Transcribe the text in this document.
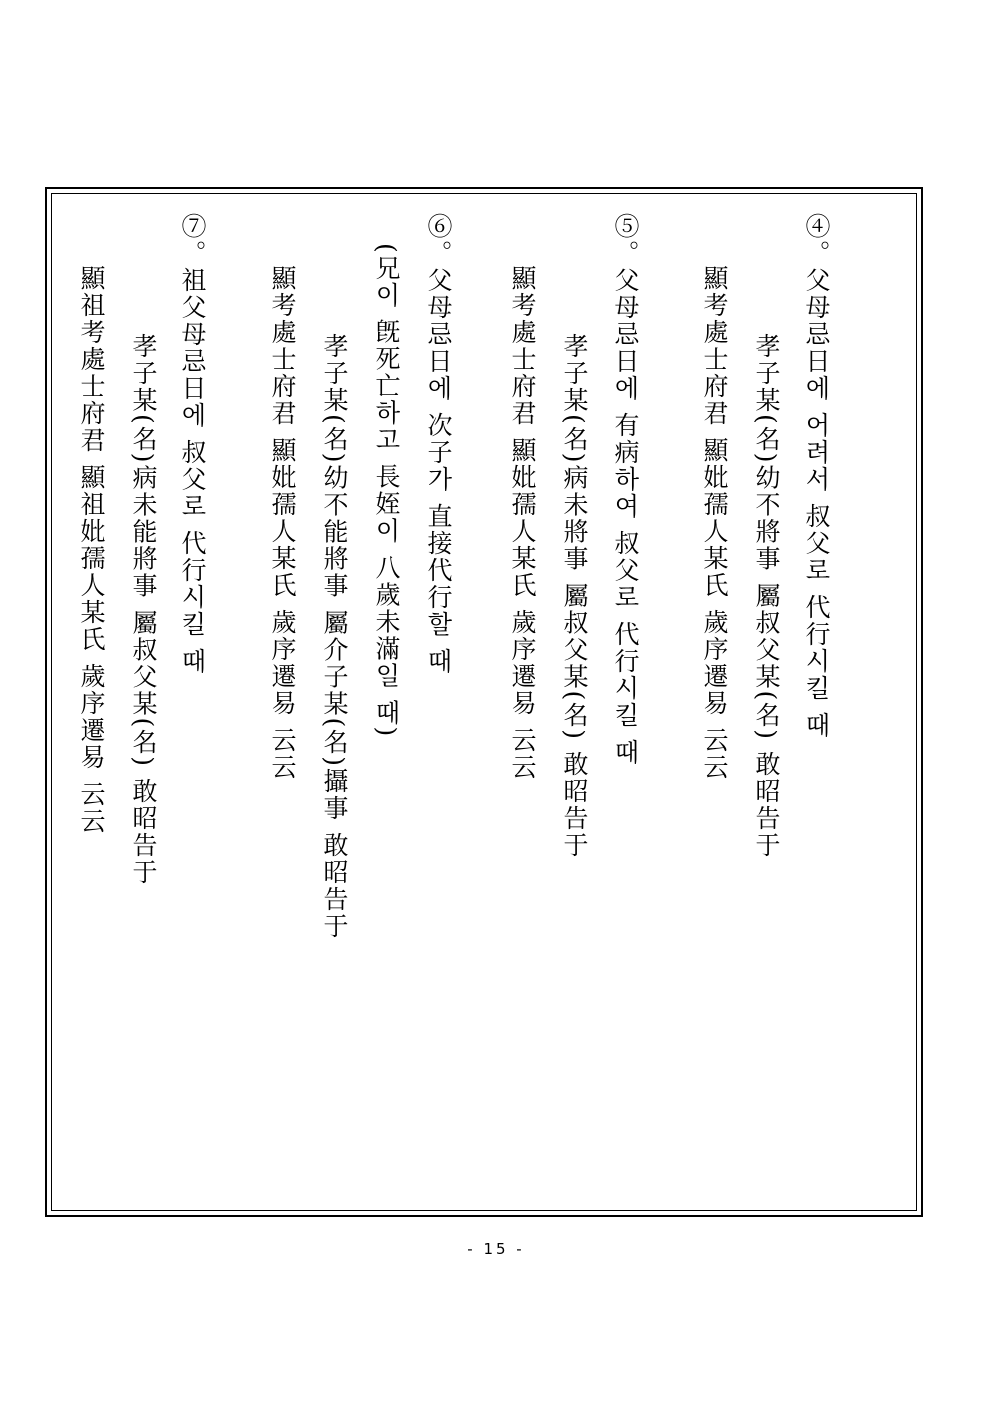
④。父母忌日에 어려서 叔父로 代行시킬 때
孝子某(名)幼不將事 屬叔父某(名) 敢昭告于
顯考處士府君 顯妣孺人某氏 歲序遷易 云云
⑤。父母忌日에 有病하여 叔父로 代行시킬 때
孝子某(名)病未將事 屬叔父某(名) 敢昭告于
顯考處士府君 顯妣孺人某氏 歲序遷易 云云
⑥。父母忌日에 次子가 直接代行할 때
(兄이 旣死亡하고 長姪이 八歲未滿일 때)
孝子某(名)幼不能將事 屬介子某(名)攝事 敢昭告于
顯考處士府君 顯妣孺人某氏 歲序遷易 云云
⑦。祖父母忌日에 叔父로 代行시킬 때
孝子某(名)病未能將事 屬叔父某(名) 敢昭告于
顯祖考處士府君 顯祖妣孺人某氏 歲序遷易 云云
- 15 -
